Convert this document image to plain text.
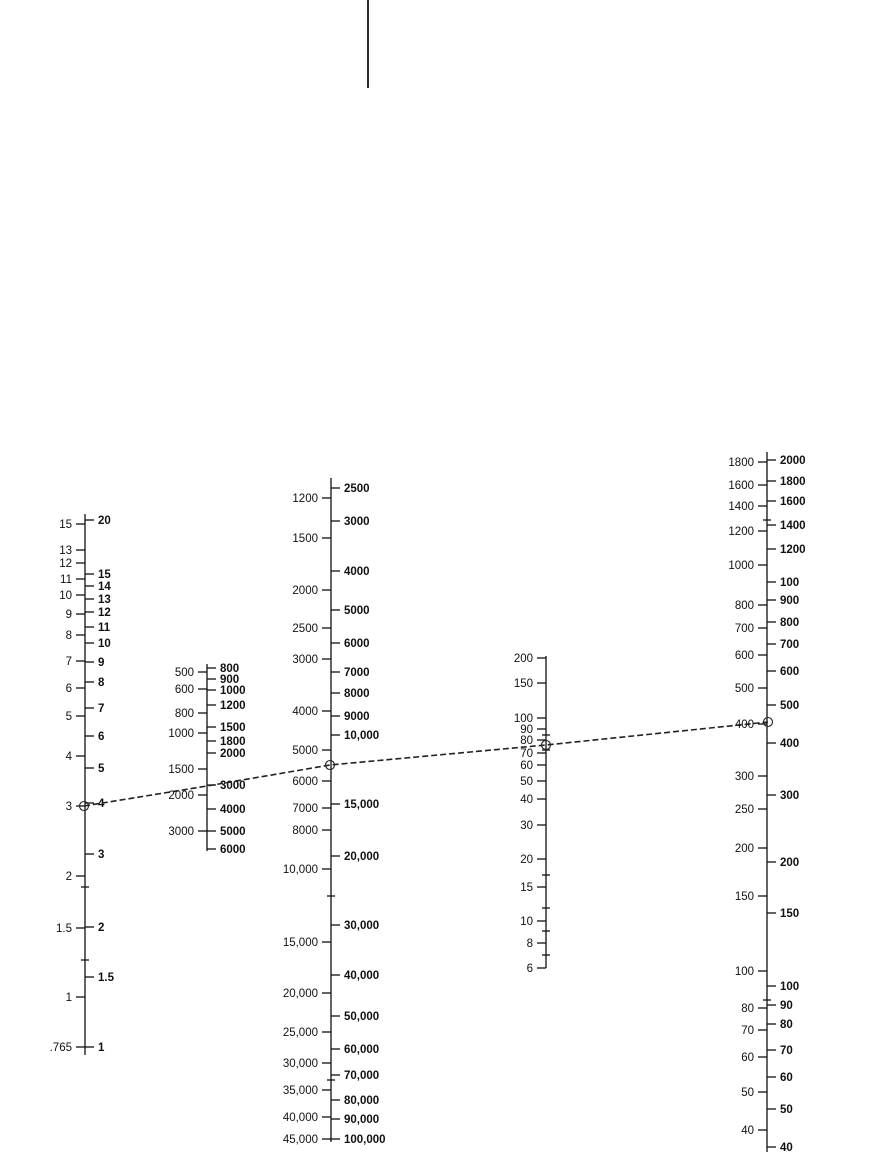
.765
1
1.5
2
3
4
5
6
7
8
9
10
11
12
13
15
1
1.5
2
3
4
5
6
7
8
9
10
11
12
13
14
15
20
500
600
800
1000
1500
2000
3000
800
900
1000
1200
1500
1800
2000
3000
4000
5000
6000
1200
1500
2000
2500
3000
4000
5000
6000
7000
8000
10,000
15,000
20,000
25,000
30,000
35,000
40,000
45,000
2500
3000
4000
5000
6000
7000
8000
9000
10,000
15,000
20,000
30,000
40,000
50,000
60,000
70,000
80,000
90,000
100,000
200
150
100
90
80
70
60
50
40
30
20
15
10
8
6
1800
1600
1400
1200
1000
800
700
600
500
400
300
250
200
150
100
80
70
60
50
40
2000
1800
1600
1400
1200
100
900
800
700
600
500
400
300
200
150
100
90
80
70
60
50
40
